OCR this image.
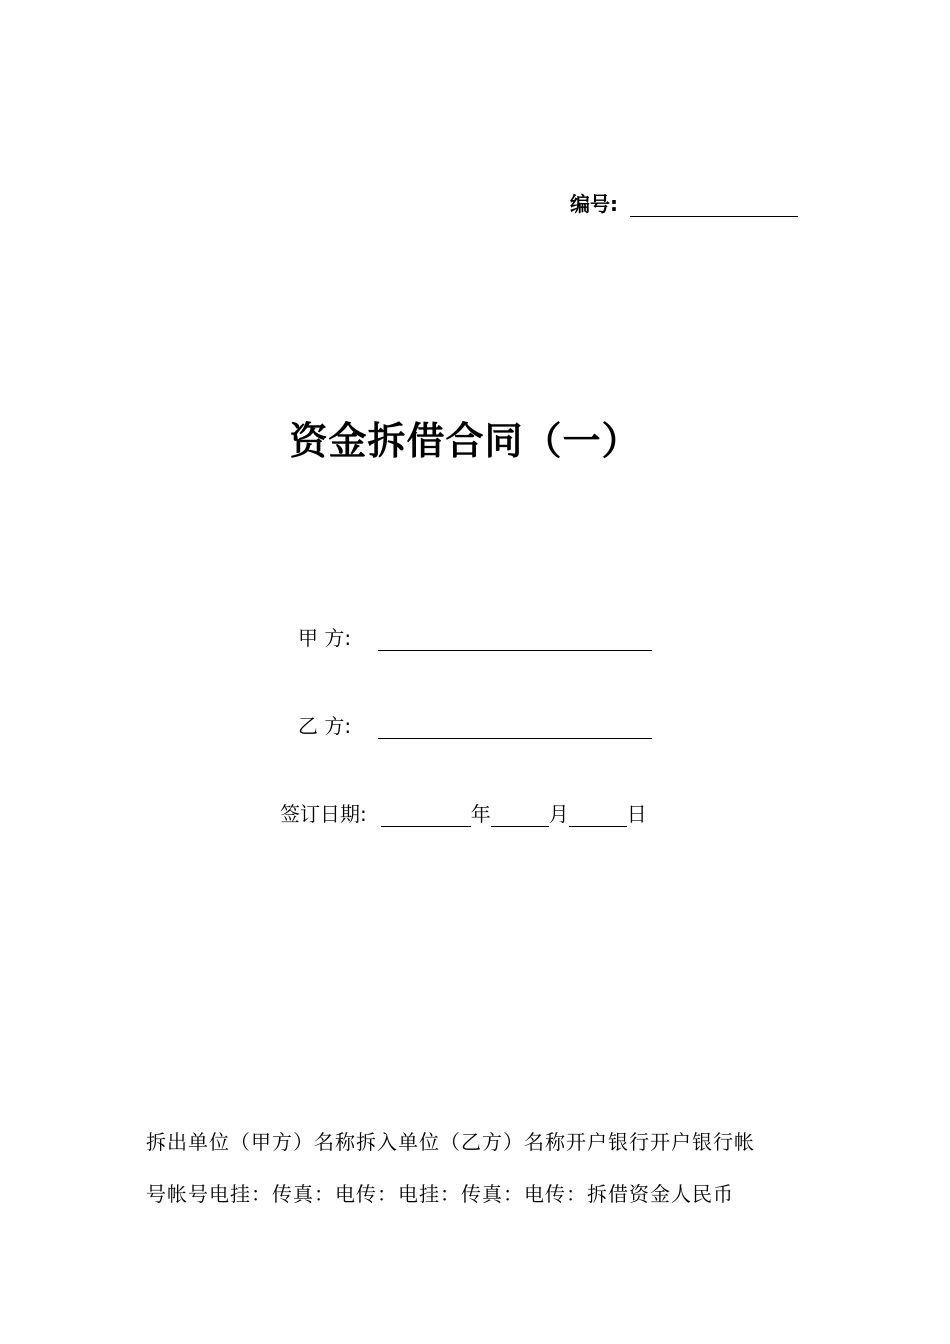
编号:
资金拆借合同（一）
甲 方:
乙 方:
签订日期:	年	月	日
拆出单位（甲方）名称拆入单位（乙方）名称开户银行开户银行帐
号帐号电挂：传真：电传：电挂：传真：电传：拆借资金人民币
